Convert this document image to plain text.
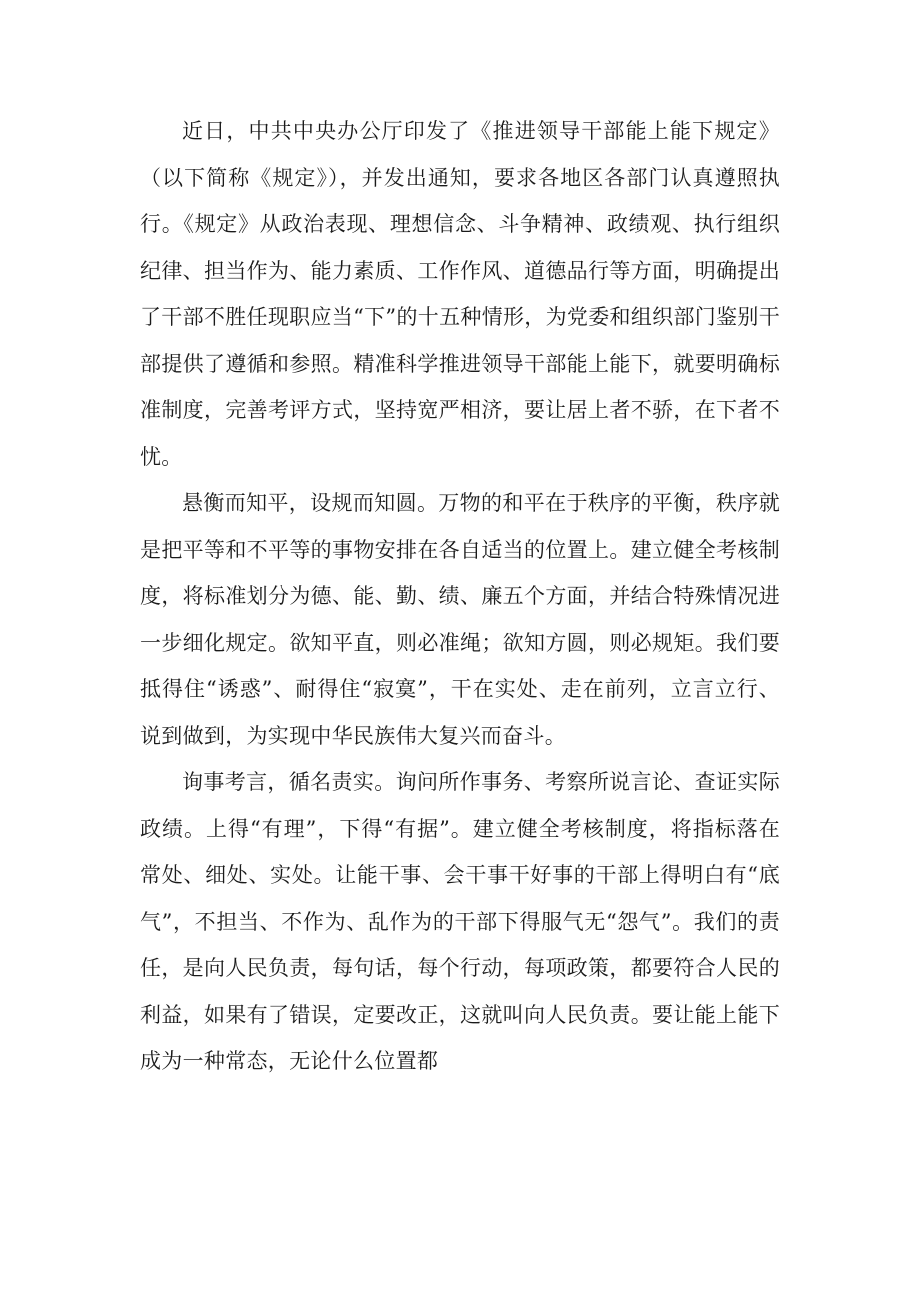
近日，中共中央办公厅印发了《推进领导干部能上能下规定》（以下简称《规定》），并发出通知，要求各地区各部门认真遵照执行。《规定》从政治表现、理想信念、斗争精神、政绩观、执行组织纪律、担当作为、能力素质、工作作风、道德品行等方面，明确提出了干部不胜任现职应当“下”的十五种情形，为党委和组织部门鉴别干部提供了遵循和参照。精准科学推进领导干部能上能下，就要明确标准制度，完善考评方式，坚持宽严相济，要让居上者不骄，在下者不忧。

悬衡而知平，设规而知圆。万物的和平在于秩序的平衡，秩序就是把平等和不平等的事物安排在各自适当的位置上。建立健全考核制度，将标准划分为德、能、勤、绩、廉五个方面，并结合特殊情况进一步细化规定。欲知平直，则必准绳；欲知方圆，则必规矩。我们要抵得住“诱惑”、耐得住“寂寞”，干在实处、走在前列，立言立行、说到做到，为实现中华民族伟大复兴而奋斗。

询事考言，循名责实。询问所作事务、考察所说言论、查证实际政绩。上得“有理”，下得“有据”。建立健全考核制度，将指标落在常处、细处、实处。让能干事、会干事干好事的干部上得明白有“底气”，不担当、不作为、乱作为的干部下得服气无“怨气”。我们的责任，是向人民负责，每句话，每个行动，每项政策，都要符合人民的利益，如果有了错误，定要改正，这就叫向人民负责。要让能上能下成为一种常态，无论什么位置都
